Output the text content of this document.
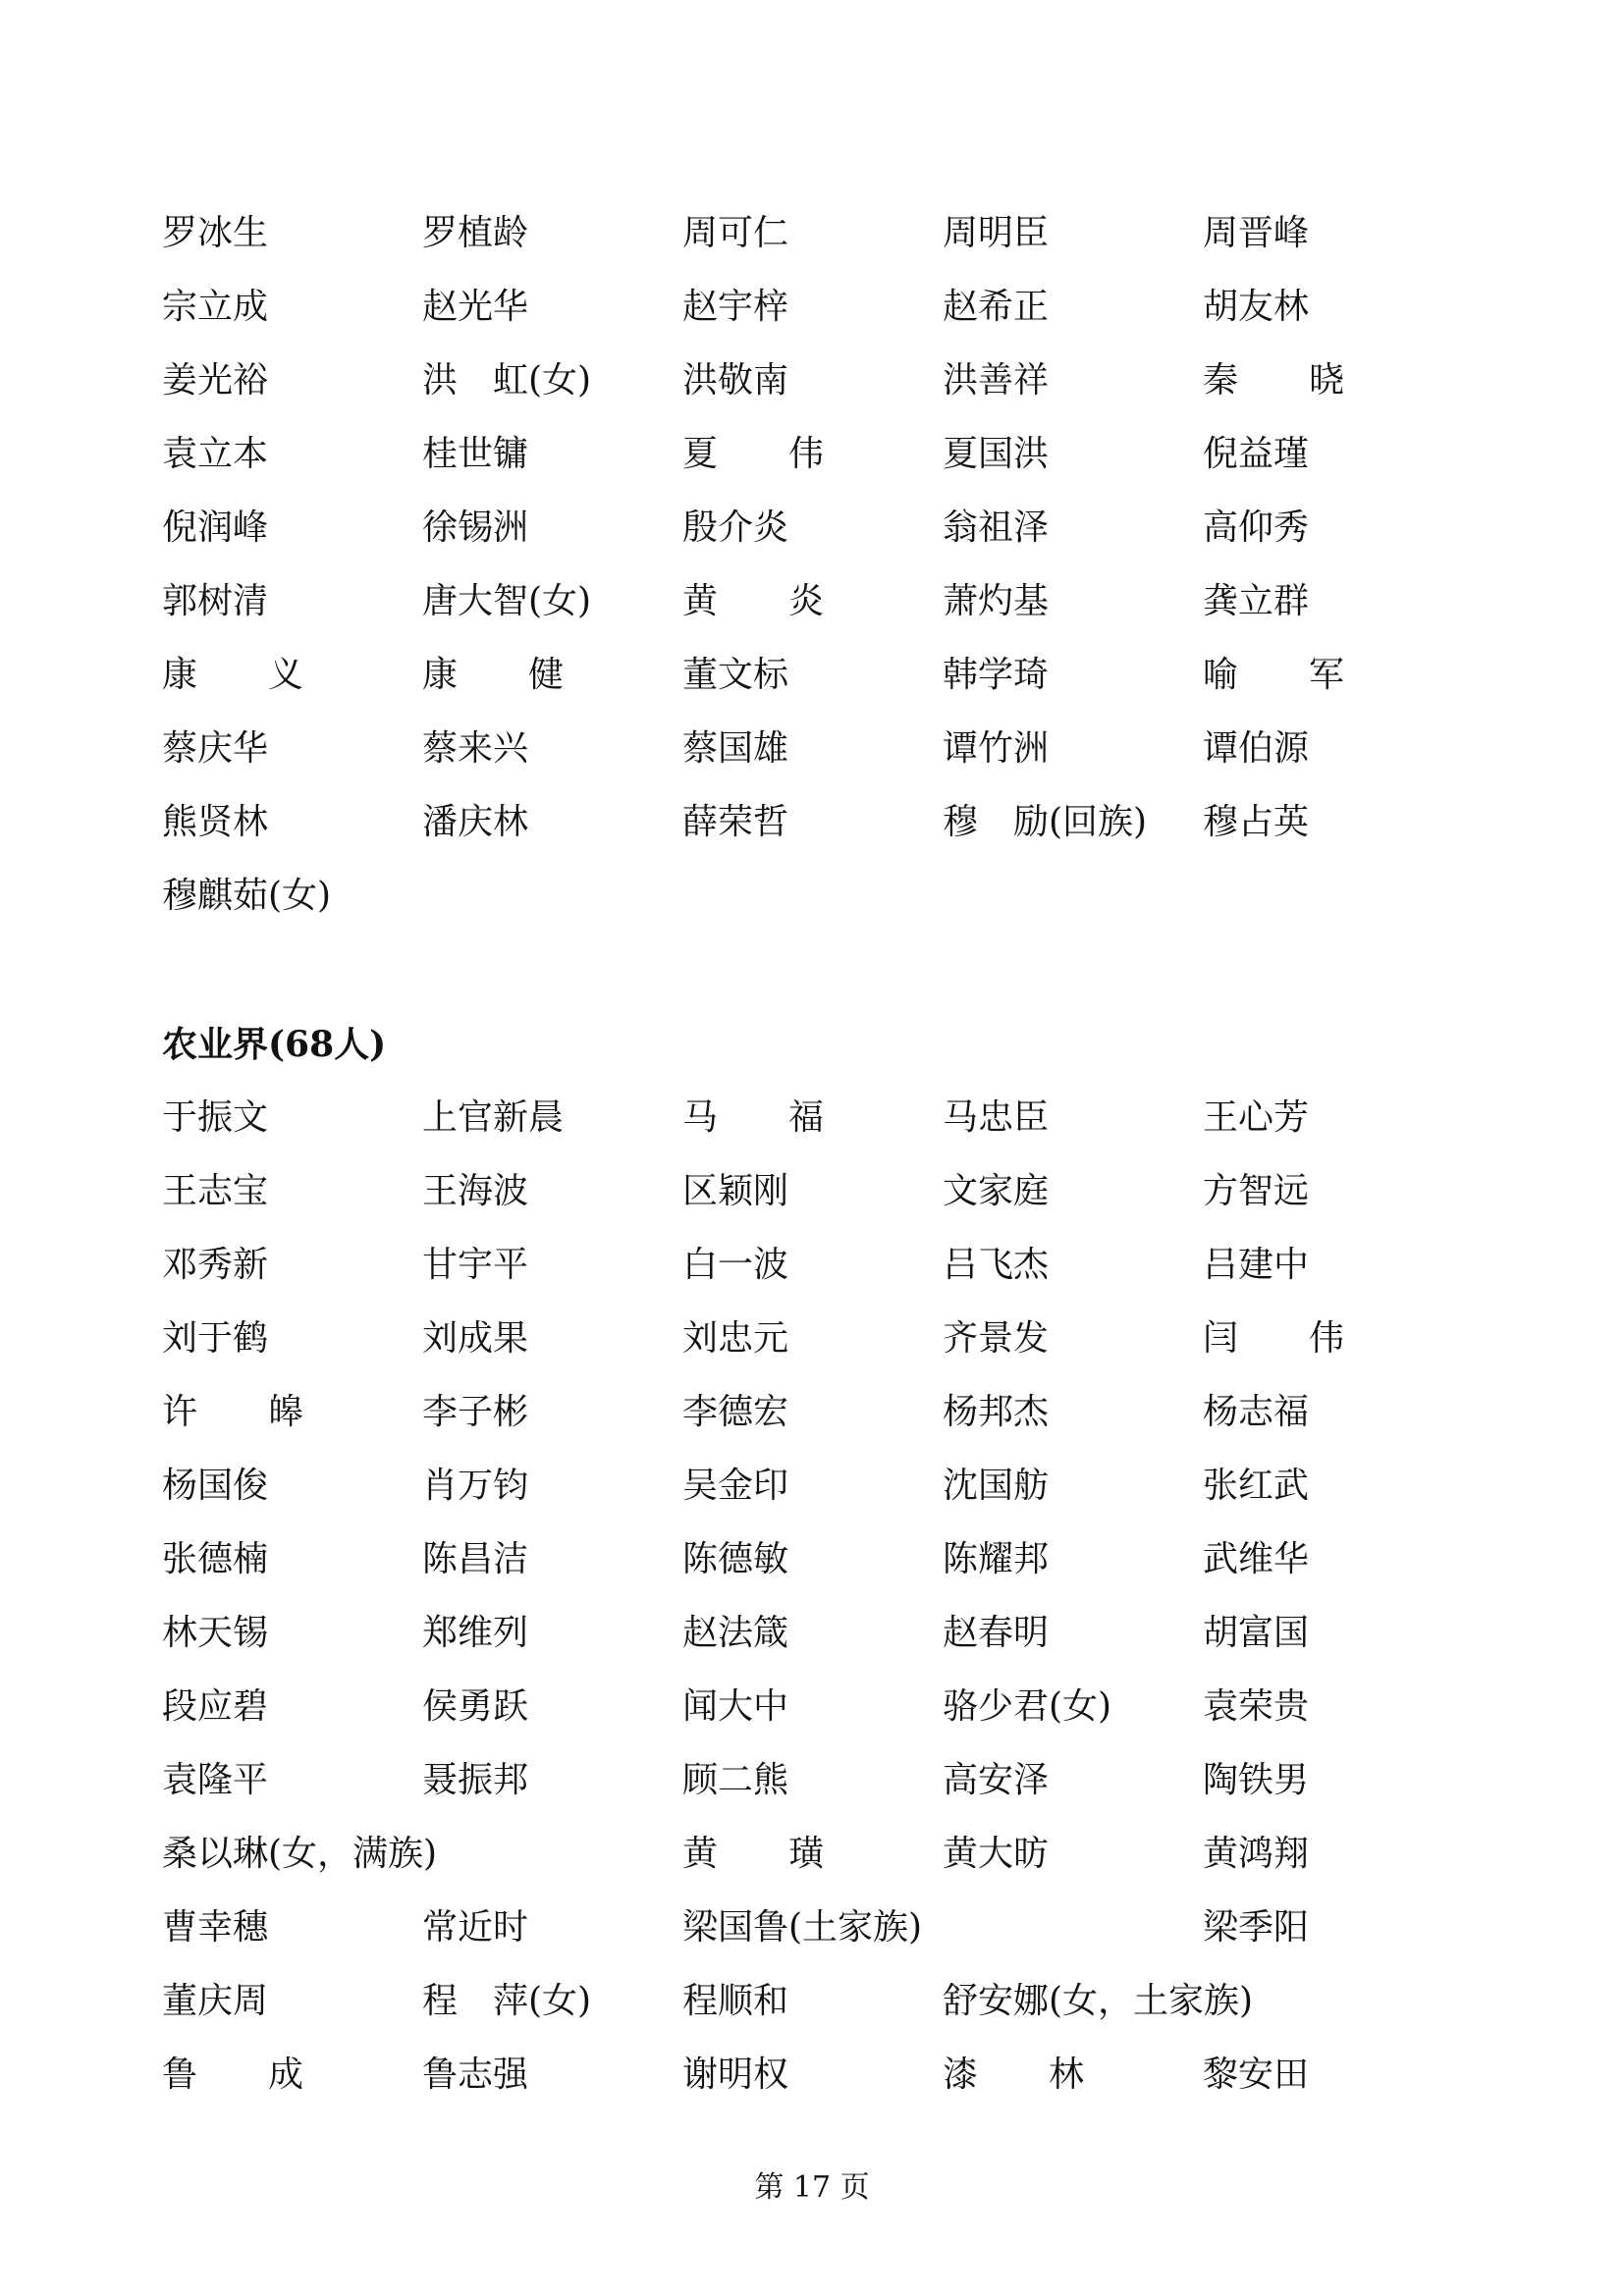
罗冰生	罗植龄	周可仁	周明臣	周晋峰
宗立成	赵光华	赵宇梓	赵希正	胡友林
姜光裕	洪　虹(女)	洪敬南	洪善祥	秦　　晓
袁立本	桂世镛	夏　　伟	夏国洪	倪益瑾
倪润峰	徐锡洲	殷介炎	翁祖泽	高仰秀
郭树清	唐大智(女)	黄　　炎	萧灼基	龚立群
康　　义	康　　健	董文标	韩学琦	喻　　军
蔡庆华	蔡来兴	蔡国雄	谭竹洲	谭伯源
熊贤林	潘庆林	薛荣哲	穆　励(回族) 穆占英
穆麒茹(女)
农业界(68人)
于振文	上官新晨	马　　福	马忠臣	王心芳
王志宝	王海波	区颖刚	文家庭	方智远
邓秀新	甘宇平	白一波	吕飞杰	吕建中
刘于鹤	刘成果	刘忠元	齐景发	闫　　伟
许　　皞	李子彬	李德宏	杨邦杰	杨志福
杨国俊	肖万钧	吴金印	沈国舫	张红武
张德楠	陈昌洁	陈德敏	陈耀邦	武维华
林天锡	郑维列	赵法箴	赵春明	胡富国
段应碧	侯勇跃	闻大中	骆少君(女)	袁荣贵
袁隆平	聂振邦	顾二熊	高安泽	陶铁男
桑以琳(女，满族)	黄　　璜	黄大昉	黄鸿翔
曹幸穗	常近时	梁国鲁(土家族)	梁季阳
董庆周	程　萍(女)	程顺和	舒安娜(女，土家族)
鲁　　成	鲁志强	谢明权	漆　　林	黎安田
第 17 页
